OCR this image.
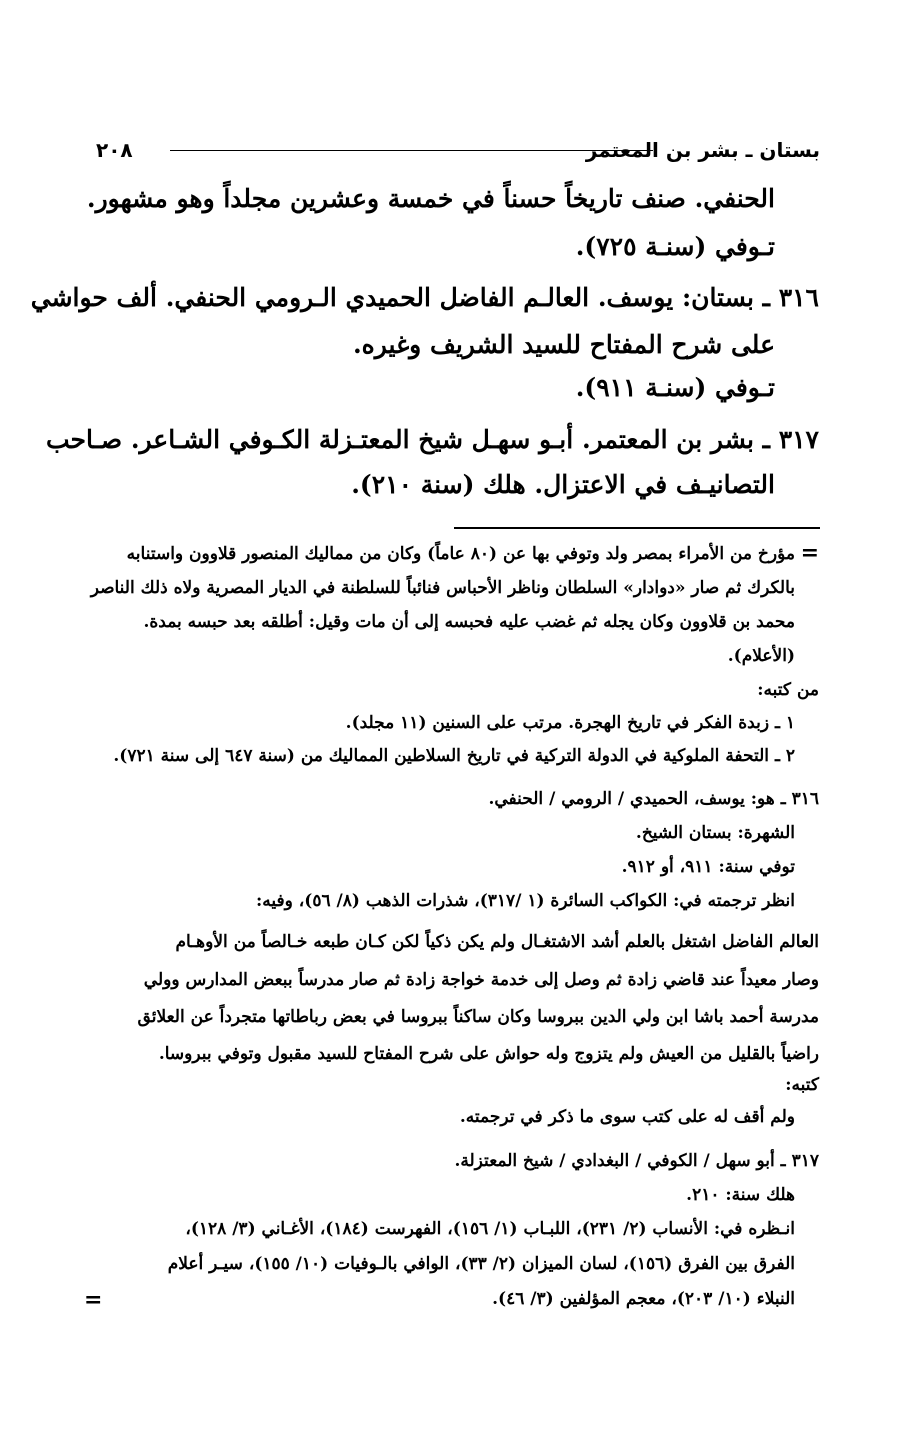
بستان ـ بشر بن المعتمر
٢٠٨
الحنفي. صنف تاريخاً حسناً في خمسة وعشرين مجلداً وهو مشهور.
تـوفي (سنـة ٧٢٥).
٣١٦ ـ بستان: يوسف. العالـم الفاضل الحميدي الـرومي الحنفي. ألف حواشي
على شرح المفتاح للسيد الشريف وغيره.
تـوفي (سنـة ٩١١).
٣١٧ ـ بشر بن المعتمر. أبـو سهـل شيخ المعتـزلة الكـوفي الشـاعر. صـاحب
التصانيـف في الاعتزال. هلك (سنة ٢١٠).
=
مؤرخ من الأمراء بمصر ولد وتوفي بها عن (٨٠ عاماً) وكان من مماليك المنصور قلاوون واستنابه
بالكرك ثم صار «دوادار» السلطان وناظر الأحباس فنائباً للسلطنة في الديار المصرية ولاه ذلك الناصر
محمد بن قلاوون وكان يجله ثم غضب عليه فحبسه إلى أن مات وقيل: أطلقه بعد حبسه بمدة.
(الأعلام).
من كتبه:
١ ـ زبدة الفكر في تاريخ الهجرة. مرتب على السنين (١١ مجلد).
٢ ـ التحفة الملوكية في الدولة التركية في تاريخ السلاطين المماليك من (سنة ٦٤٧ إلى سنة ٧٢١).
٣١٦ ـ هو: يوسف، الحميدي / الرومي / الحنفي.
الشهرة: بستان الشيخ.
توفي سنة: ٩١١، أو ٩١٢.
انظر ترجمته في: الكواكب السائرة (١ /٣١٧)، شذرات الذهب (٨/ ٥٦)، وفيه:
العالم الفاضل اشتغل بالعلم أشد الاشتغـال ولم يكن ذكياً لكن كـان طبعه خـالصاً من الأوهـام
وصار معيداً عند قاضي زادة ثم وصل إلى خدمة خواجة زادة ثم صار مدرساً ببعض المدارس وولي
مدرسة أحمد باشا ابن ولي الدين ببروسا وكان ساكناً ببروسا في بعض رباطاتها متجرداً عن العلائق
راضياً بالقليل من العيش ولم يتزوج وله حواش على شرح المفتاح للسيد مقبول وتوفي ببروسا.
كتبه:
ولم أقف له على كتب سوى ما ذكر في ترجمته.
٣١٧ ـ أبو سهل / الكوفي / البغدادي / شيخ المعتزلة.
هلك سنة: ٢١٠.
انـظره في: الأنساب (٢/ ٢٣١)، اللبـاب (١/ ١٥٦)، الفهرست (١٨٤)، الأغـاني (٣/ ١٢٨)،
الفرق بين الفرق (١٥٦)، لسان الميزان (٢/ ٣٣)، الوافي بالـوفيات (١٠/ ١٥٥)، سيـر أعلام
النبلاء (١٠/ ٢٠٣)، معجم المؤلفين (٣/ ٤٦).
=
